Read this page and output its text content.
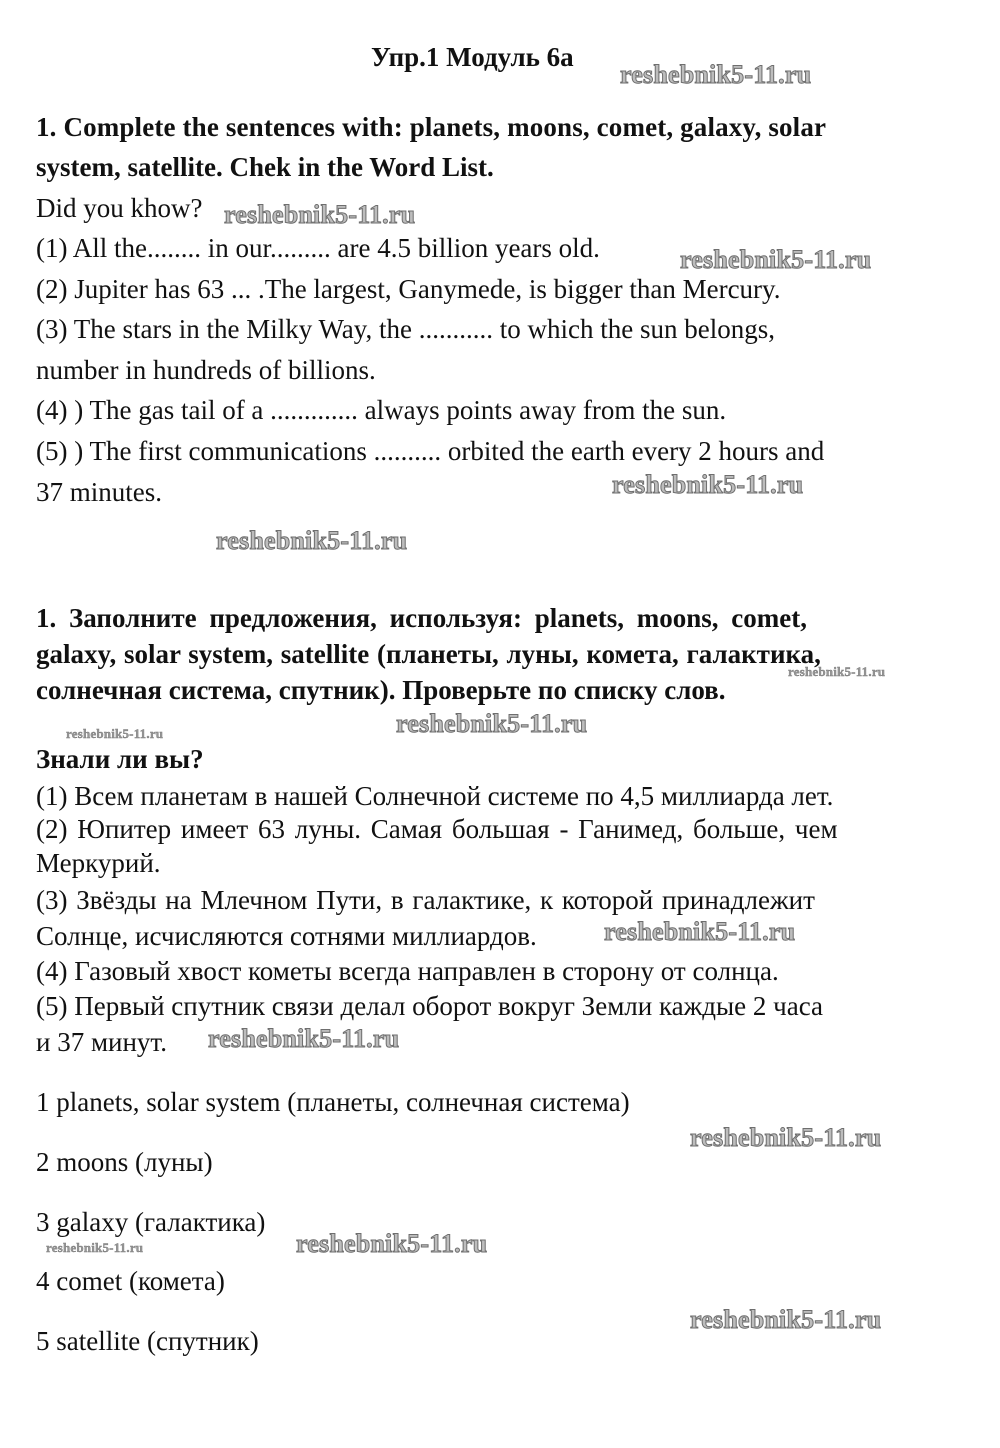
Упр.1 Модуль 6а
1. Complete the sentences with: planets, moons, comet, galaxy, solar
system, satellite. Chek in the Word List.
Did you khow?
(1) All the........ in our......... are 4.5 billion years old.
(2) Jupiter has 63 ... .The largest, Ganymede, is bigger than Mercury.
(3) The stars in the Milky Way, the ........... to which the sun belongs,
number in hundreds of billions.
(4) ) The gas tail of a ............. always points away from the sun.
(5) ) The first communications .......... orbited the earth every 2 hours and
37 minutes.
1. Заполните предложения, используя: planets, moons, comet,
galaxy, solar system, satellite (планеты, луны, комета, галактика,
солнечная система, спутник). Проверьте по списку слов.
Знали ли вы?
(1) Всем планетам в нашей Солнечной системе по 4,5 миллиарда лет.
(2) Юпитер имеет 63 луны. Самая большая - Ганимед, больше, чем
Меркурий.
(3) Звёзды на Млечном Пути, в галактике, к которой принадлежит
Солнце, исчисляются сотнями миллиардов.
(4) Газовый хвост кометы всегда направлен в сторону от солнца.
(5) Первый спутник связи делал оборот вокруг Земли каждые 2 часа
и 37 минут.
1 planets, solar system (планеты, солнечная система)
2 moons (луны)
3 galaxy (галактика)
4 comet (комета)
5 satellite (спутник)
reshebnik5-11.ru
reshebnik5-11.ru
reshebnik5-11.ru
reshebnik5-11.ru
reshebnik5-11.ru
reshebnik5-11.ru
reshebnik5-11.ru	reshebnik5-11.ru
reshebnik5-11.ru
reshebnik5-11.ru
reshebnik5-11.ru
reshebnik5-11.ru	reshebnik5-11.ru
reshebnik5-11.ru
